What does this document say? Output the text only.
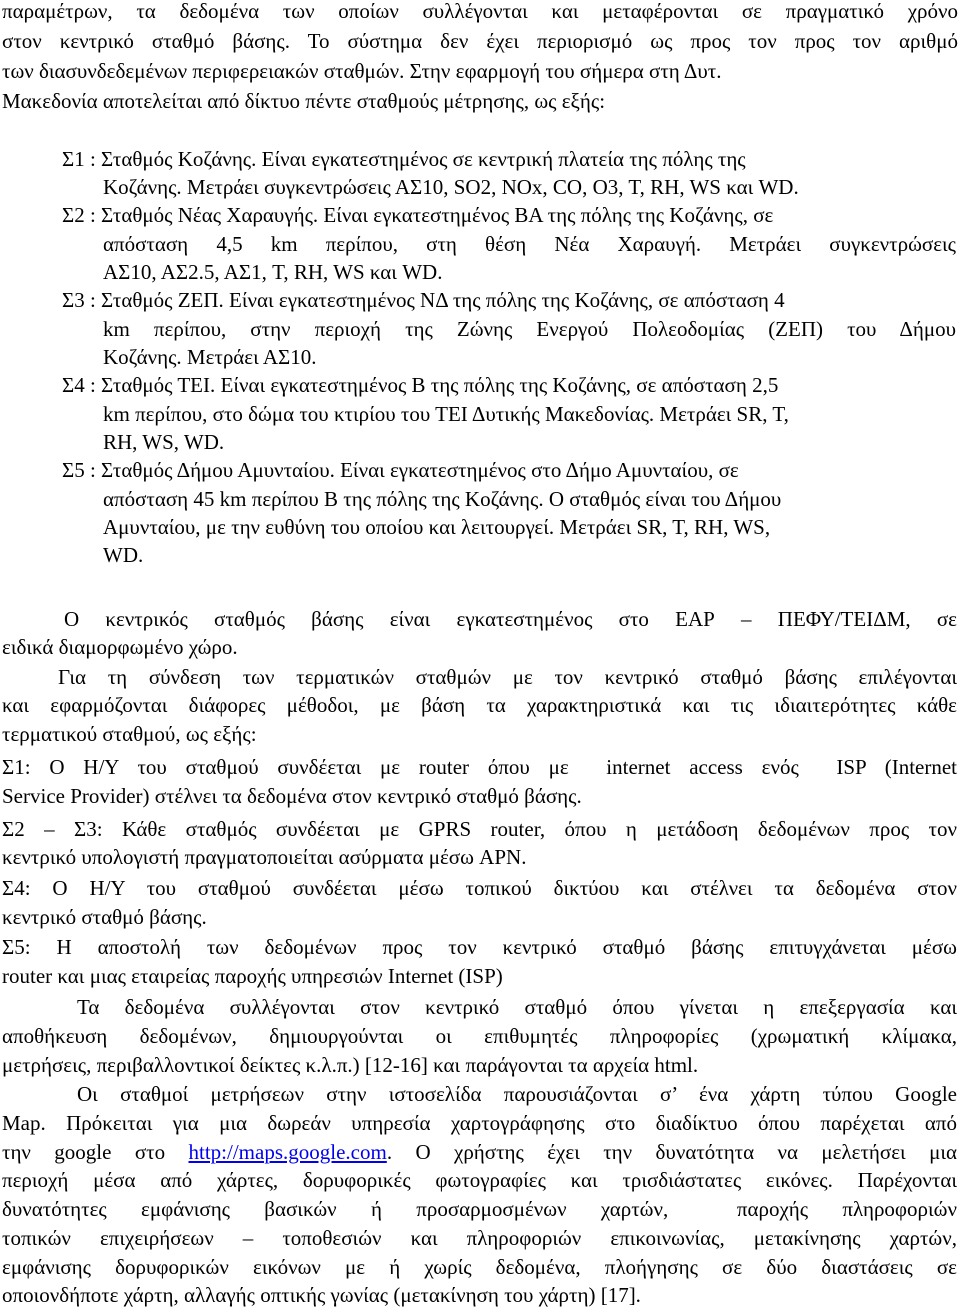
παραμέτρων, τα δεδομένα των οποίων συλλέγονται και μεταφέρονται σε πραγματικό χρόνο
στον κεντρικό σταθμό βάσης. Το σύστημα δεν έχει περιορισμό ως προς τον προς τον αριθμό
των διασυνδεδεμένων περιφερειακών σταθμών. Στην εφαρμογή του σήμερα στη Δυτ.
Μακεδονία αποτελείται από δίκτυο πέντε σταθμούς μέτρησης, ως εξής:
Σ1 : Σταθμός Κοζάνης. Είναι εγκατεστημένος σε κεντρική πλατεία της πόλης της
Κοζάνης. Μετράει συγκεντρώσεις ΑΣ10, SO2, NOx, CO, O3, T, RH, WS και WD.
Σ2 : Σταθμός Νέας Χαραυγής. Είναι εγκατεστημένος ΒΑ της πόλης της Κοζάνης, σε
απόσταση 4,5 km περίπου, στη θέση Νέα Χαραυγή. Μετράει συγκεντρώσεις
ΑΣ10, ΑΣ2.5, ΑΣ1, T, RH, WS και WD.
Σ3 : Σταθμός ΖΕΠ. Είναι εγκατεστημένος ΝΔ της πόλης της Κοζάνης, σε απόσταση 4
km περίπου, στην περιοχή της Ζώνης Ενεργού Πολεοδομίας (ΖΕΠ) του Δήμου
Κοζάνης. Μετράει ΑΣ10.
Σ4 : Σταθμός ΤΕΙ. Είναι εγκατεστημένος Β της πόλης της Κοζάνης, σε απόσταση 2,5
km περίπου, στο δώμα του κτιρίου του ΤΕΙ Δυτικής Μακεδονίας. Μετράει SR, T,
RH, WS, WD.
Σ5 : Σταθμός Δήμου Αμυνταίου. Είναι εγκατεστημένος στο Δήμο Αμυνταίου, σε
απόσταση 45 km περίπου Β της πόλης της Κοζάνης. Ο σταθμός είναι του Δήμου
Αμυνταίου, με την ευθύνη του οποίου και λειτουργεί. Μετράει SR, T, RH, WS,
WD.
Ο κεντρικός σταθμός βάσης είναι εγκατεστημένος στο ΕΑΡ – ΠΕΦΥ/ΤΕΙΔΜ, σε
ειδικά διαμορφωμένο χώρο.
Για τη σύνδεση των τερματικών σταθμών με τον κεντρικό σταθμό βάσης επιλέγονται
και εφαρμόζονται διάφορες μέθοδοι, με βάση τα χαρακτηριστικά και τις ιδιαιτερότητες κάθε
τερματικού σταθμού, ως εξής:
Σ1: Ο Η/Υ του σταθμού συνδέεται με router όπου με  internet access ενός  ISP (Internet
Service Provider) στέλνει τα δεδομένα στον κεντρικό σταθμό βάσης.
Σ2 – Σ3: Κάθε σταθμός συνδέεται με GPRS router, όπου η μετάδοση δεδομένων προς τον
κεντρικό υπολογιστή πραγματοποιείται ασύρματα μέσω APN.
Σ4: Ο Η/Υ του σταθμού συνδέεται μέσω τοπικού δικτύου και στέλνει τα δεδομένα στον
κεντρικό σταθμό βάσης.
Σ5: Η αποστολή των δεδομένων προς τον κεντρικό σταθμό βάσης επιτυγχάνεται μέσω
router και μιας εταιρείας παροχής υπηρεσιών Internet (ISP)
Τα δεδομένα συλλέγονται στον κεντρικό σταθμό όπου γίνεται η επεξεργασία και
αποθήκευση δεδομένων, δημιουργούνται οι επιθυμητές πληροφορίες (χρωματική κλίμακα,
μετρήσεις, περιβαλλοντικοί δείκτες κ.λ.π.) [12-16] και παράγονται τα αρχεία html.
Οι σταθμοί μετρήσεων στην ιστοσελίδα παρουσιάζονται σ’ ένα χάρτη τύπου Google
Map. Πρόκειται για μια δωρεάν υπηρεσία χαρτογράφησης στο διαδίκτυο όπου παρέχεται από
την google στο http://maps.google.com. Ο χρήστης έχει την δυνατότητα να μελετήσει μια
περιοχή μέσα από χάρτες, δορυφορικές φωτογραφίες και τρισδιάστατες εικόνες. Παρέχονται
δυνατότητες εμφάνισης βασικών ή προσαρμοσμένων χαρτών,  παροχής πληροφοριών
τοπικών επιχειρήσεων – τοποθεσιών και πληροφοριών επικοινωνίας, μετακίνησης χαρτών,
εμφάνισης δορυφορικών εικόνων με ή χωρίς δεδομένα, πλοήγησης σε δύο διαστάσεις σε
οποιονδήποτε χάρτη, αλλαγής οπτικής γωνίας (μετακίνηση του χάρτη) [17].
